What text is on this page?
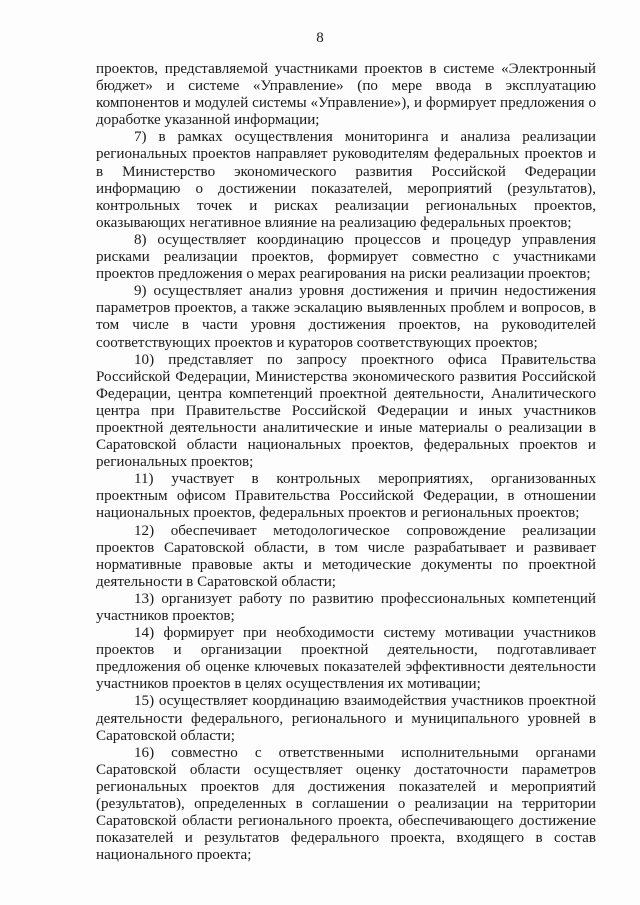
8

проектов, представляемой участниками проектов в системе «Электронный бюджет» и системе «Управление» (по мере ввода в эксплуатацию компонентов и модулей системы «Управление»), и формирует предложения о доработке указанной информации;

7) в рамках осуществления мониторинга и анализа реализации региональных проектов направляет руководителям федеральных проектов и в Министерство экономического развития Российской Федерации информацию о достижении показателей, мероприятий (результатов), контрольных точек и рисках реализации региональных проектов, оказывающих негативное влияние на реализацию федеральных проектов;

8) осуществляет координацию процессов и процедур управления рисками реализации проектов, формирует совместно с участниками проектов предложения о мерах реагирования на риски реализации проектов;

9) осуществляет анализ уровня достижения и причин недостижения параметров проектов, а также эскалацию выявленных проблем и вопросов, в том числе в части уровня достижения проектов, на руководителей соответствующих проектов и кураторов соответствующих проектов;

10) представляет по запросу проектного офиса Правительства Российской Федерации, Министерства экономического развития Российской Федерации, центра компетенций проектной деятельности, Аналитического центра при Правительстве Российской Федерации и иных участников проектной деятельности аналитические и иные материалы о реализации в Саратовской области национальных проектов, федеральных проектов и региональных проектов;

11) участвует в контрольных мероприятиях, организованных проектным офисом Правительства Российской Федерации, в отношении национальных проектов, федеральных проектов и региональных проектов;

12) обеспечивает методологическое сопровождение реализации проектов Саратовской области, в том числе разрабатывает и развивает нормативные правовые акты и методические документы по проектной деятельности в Саратовской области;

13) организует работу по развитию профессиональных компетенций участников проектов;

14) формирует при необходимости систему мотивации участников проектов и организации проектной деятельности, подготавливает предложения об оценке ключевых показателей эффективности деятельности участников проектов в целях осуществления их мотивации;

15) осуществляет координацию взаимодействия участников проектной деятельности федерального, регионального и муниципального уровней в Саратовской области;

16) совместно с ответственными исполнительными органами Саратовской области осуществляет оценку достаточности параметров региональных проектов для достижения показателей и мероприятий (результатов), определенных в соглашении о реализации на территории Саратовской области регионального проекта, обеспечивающего достижение показателей и результатов федерального проекта, входящего в состав национального проекта;
